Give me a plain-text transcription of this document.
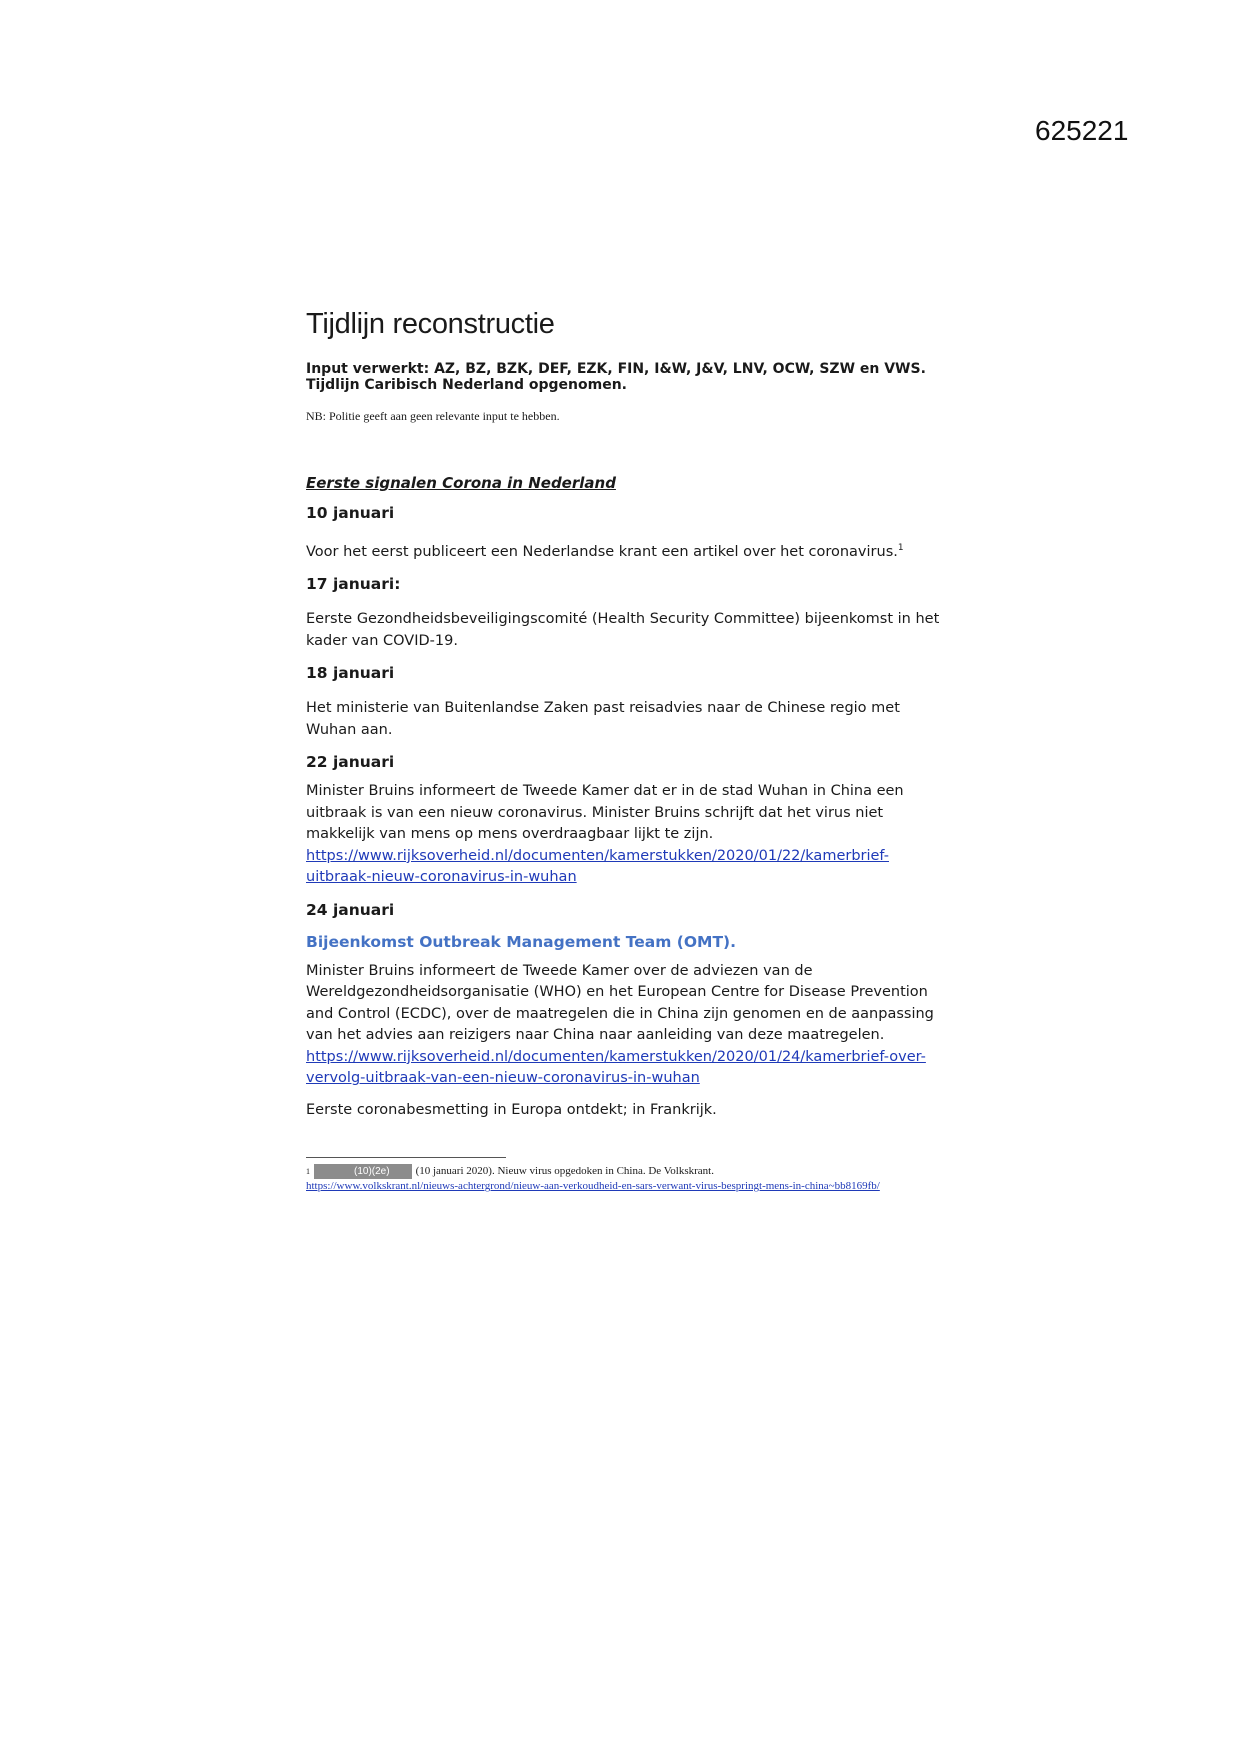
625221
Tijdlijn reconstructie

Input verwerkt: AZ, BZ, BZK, DEF, EZK, FIN, I&W, J&V, LNV, OCW, SZW en VWS.

Tijdlijn Caribisch Nederland opgenomen.

NB: Politie geeft aan geen relevante input te hebben.

Eerste signalen Corona in Nederland

10 januari

Voor het eerst publiceert een Nederlandse krant een artikel over het coronavirus.$^1$

17 januari:

Eerste Gezondheidsbeveiligingscomité (Health Security Committee) bijeenkomst in het kader van COVID-19.

18 januari

Het ministerie van Buitenlandse Zaken past reisadvies naar de Chinese regio met Wuhan aan.

22 januari

Minister Bruins informeert de Tweede Kamer dat er in de stad Wuhan in China een uitbraak is van een nieuw coronavirus. Minister Bruins schrijft dat het virus niet makkelijk van mens op mens overdraagbaar lijkt te zijn.
https://www.rijksoverheid.nl/documenten/kamerstukken/2020/01/22/kamerbrief-uitbraak-nieuw-coronavirus-in-wuhan

24 januari

Bijeenkomst Outbreak Management Team (OMT).

Minister Bruins informeert de Tweede Kamer over de adviezen van de Wereldgezondheidsorganisatie (WHO) en het European Centre for Disease Prevention and Control (ECDC), over de maatregelen die in China zijn genomen en de aanpassing van het advies aan reizigers naar China naar aanleiding van deze maatregelen.
https://www.rijksoverheid.nl/documenten/kamerstukken/2020/01/24/kamerbrief-over-vervolg-uitbraak-van-een-nieuw-coronavirus-in-wuhan

Eerste coronabesmetting in Europa ontdekt; in Frankrijk.

$^1$	(10)(2e) (10 januari 2020). Nieuw virus opgedoken in China. De Volkskrant.
https://www.volkskrant.nl/nieuws-achtergrond/nieuw-aan-verkoudheid-en-sars-verwant-virus-bespringt-mens-in-china~bb8169fb/
